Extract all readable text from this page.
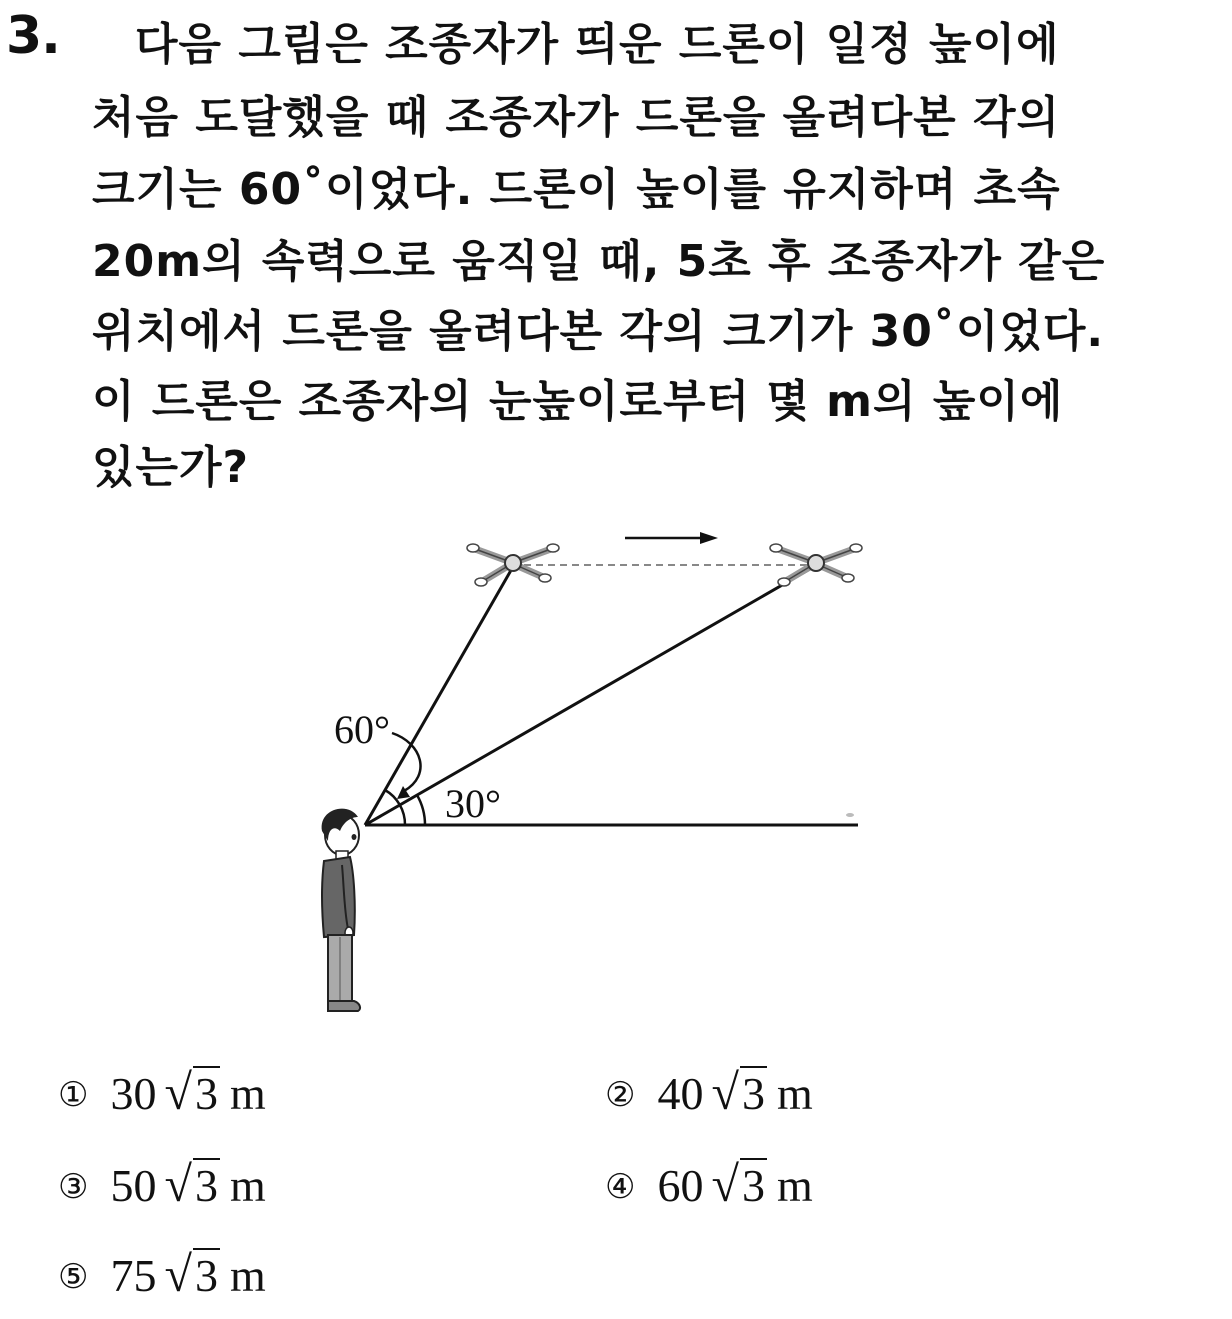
3. 다음 그림은 조종자가 띄운 드론이 일정 높이에
처음 도달했을 때 조종자가 드론을 올려다본 각의
크기는 60˚이었다. 드론이 높이를 유지하며 초속
20m의 속력으로 움직일 때, 5초 후 조종자가 같은
위치에서 드론을 올려다본 각의 크기가 30˚이었다.
이 드론은 조종자의 눈높이로부터 몇 m의 높이에
있는가?
60°
30°
① 30 √3 m	② 40 √3 m
③ 50 √3 m	④ 60 √3 m
⑤ 75 √3 m
